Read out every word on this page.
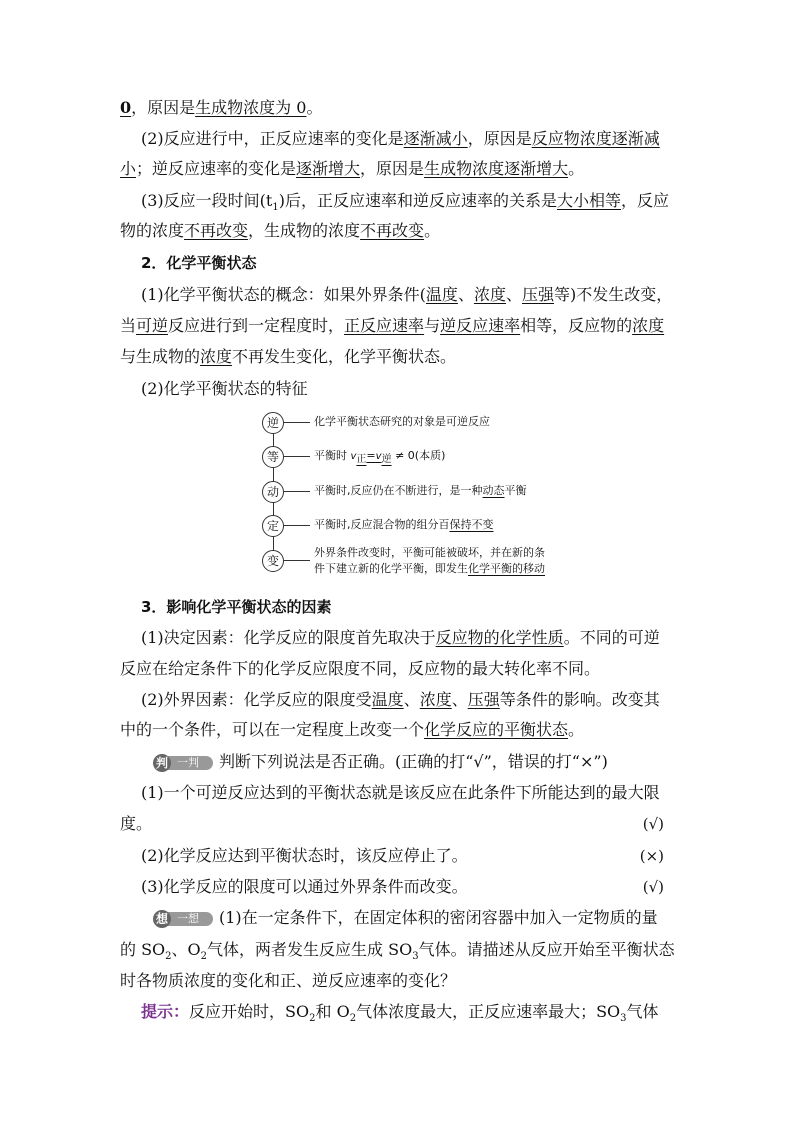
0，原因是生成物浓度为 0。
(2)反应进行中，正反应速率的变化是逐渐减小，原因是反应物浓度逐渐减
小；逆反应速率的变化是逐渐增大，原因是生成物浓度逐渐增大。
(3)反应一段时间$(t_1)$后，正反应速率和逆反应速率的关系是大小相等，反应
物的浓度不再改变，生成物的浓度不再改变。
2．化学平衡状态
(1)化学平衡状态的概念：如果外界条件(温度、浓度、压强等)不发生改变，
当可逆反应进行到一定程度时，正反应速率与逆反应速率相等，反应物的浓度
与生成物的浓度不再发生变化，化学平衡状态。
(2)化学平衡状态的特征
逆
等
动
定
变
化学平衡状态研究的对象是可逆反应
平衡时 $v_正=v_逆 \ne 0$(本质)
平衡时,反应仍在不断进行，是一种动态平衡
平衡时,反应混合物的组分百保持不变
外界条件改变时，平衡可能被破坏，并在新的条
件下建立新的化学平衡，即发生化学平衡的移动
3．影响化学平衡状态的因素
(1)决定因素：化学反应的限度首先取决于反应物的化学性质。不同的可逆
反应在给定条件下的化学反应限度不同，反应物的最大转化率不同。
(2)外界因素：化学反应的限度受温度、浓度、压强等条件的影响。改变其
中的一个条件，可以在一定程度上改变一个化学反应的平衡状态。
一判
判	判断下列说法是否正确。(正确的打“√”，错误的打“×”)
(1)一个可逆反应达到的平衡状态就是该反应在此条件下所能达到的最大限
度。	(√)
(2)化学反应达到平衡状态时，该反应停止了。	(×)
(3)化学反应的限度可以通过外界条件而改变。	(√)
一想
想	(1)在一定条件下，在固定体积的密闭容器中加入一定物质的量
的 $SO_2$、$O_2$气体，两者发生反应生成 $SO_3$气体。请描述从反应开始至平衡状态
时各物质浓度的变化和正、逆反应速率的变化？
提示：反应开始时，$SO_2$和 $O_2$气体浓度最大，正反应速率最大；$SO_3$气体
